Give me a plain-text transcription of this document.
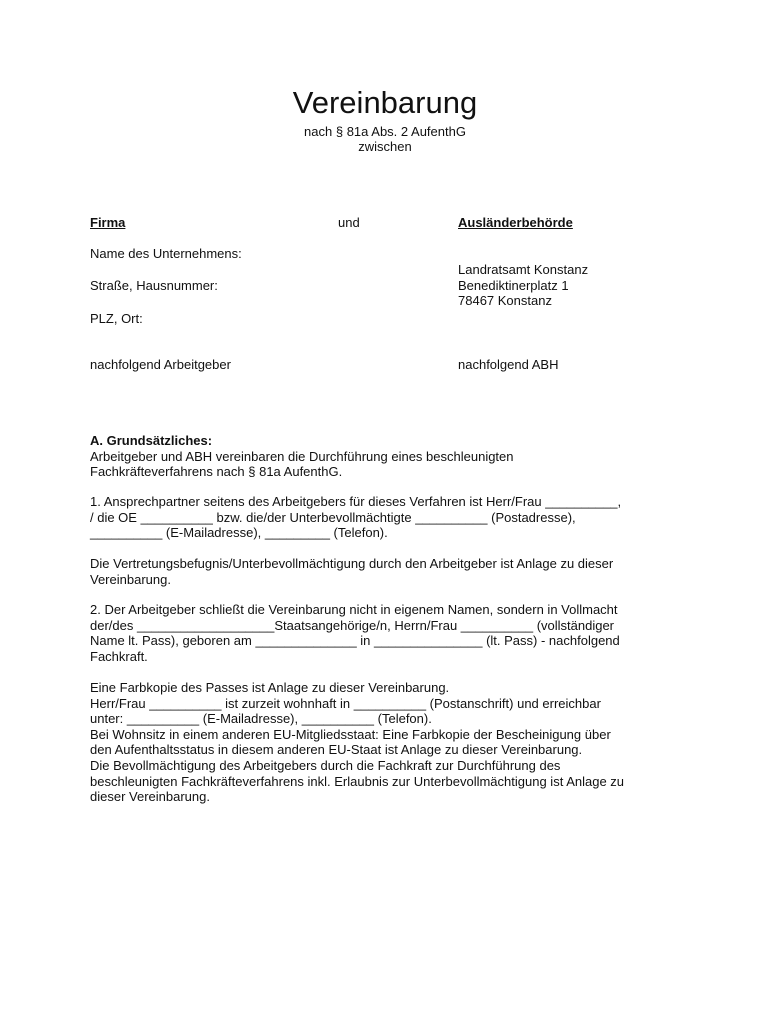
Vereinbarung
nach § 81a Abs. 2 AufenthG
zwischen
Firma	und	Ausländerbehörde
Name des Unternehmens:
Landratsamt Konstanz
Straße, Hausnummer:	Benediktinerplatz 1
78467 Konstanz
PLZ, Ort:
nachfolgend Arbeitgeber	nachfolgend ABH
A. Grundsätzliches:
Arbeitgeber und ABH vereinbaren die Durchführung eines beschleunigten
Fachkräfteverfahrens nach § 81a AufenthG.
1. Ansprechpartner seitens des Arbeitgebers für dieses Verfahren ist Herr/Frau __________,
/ die OE __________ bzw. die/der Unterbevollmächtigte __________ (Postadresse),
__________ (E-Mailadresse), _________ (Telefon).
Die Vertretungsbefugnis/Unterbevollmächtigung durch den Arbeitgeber ist Anlage zu dieser
Vereinbarung.
2. Der Arbeitgeber schließt die Vereinbarung nicht in eigenem Namen, sondern in Vollmacht
der/des ___________________Staatsangehörige/n, Herrn/Frau __________ (vollständiger
Name lt. Pass), geboren am ______________ in _______________ (lt. Pass) - nachfolgend
Fachkraft.
Eine Farbkopie des Passes ist Anlage zu dieser Vereinbarung.
Herr/Frau __________ ist zurzeit wohnhaft in __________ (Postanschrift) und erreichbar
unter: __________ (E-Mailadresse), __________ (Telefon).
Bei Wohnsitz in einem anderen EU-Mitgliedsstaat: Eine Farbkopie der Bescheinigung über
den Aufenthaltsstatus in diesem anderen EU-Staat ist Anlage zu dieser Vereinbarung.
Die Bevollmächtigung des Arbeitgebers durch die Fachkraft zur Durchführung des
beschleunigten Fachkräfteverfahrens inkl. Erlaubnis zur Unterbevollmächtigung ist Anlage zu
dieser Vereinbarung.
